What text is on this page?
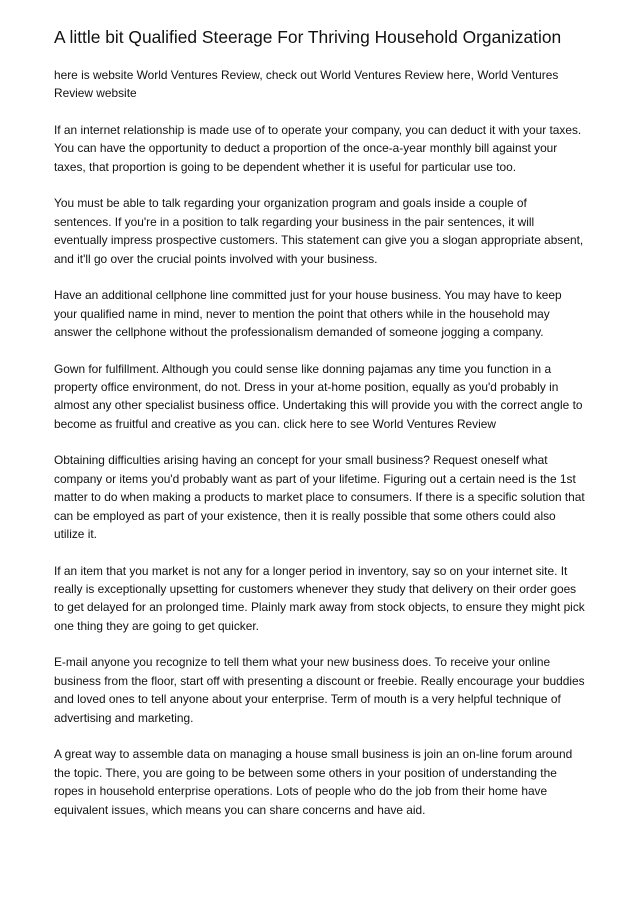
A little bit Qualified Steerage For Thriving Household Organization

here is website World Ventures Review, check out World Ventures Review here, World Ventures Review website

If an internet relationship is made use of to operate your company, you can deduct it with your taxes. You can have the opportunity to deduct a proportion of the once-a-year monthly bill against your taxes, that proportion is going to be dependent whether it is useful for particular use too.

You must be able to talk regarding your organization program and goals inside a couple of sentences. If you're in a position to talk regarding your business in the pair sentences, it will eventually impress prospective customers. This statement can give you a slogan appropriate absent, and it'll go over the crucial points involved with your business.

Have an additional cellphone line committed just for your house business. You may have to keep your qualified name in mind, never to mention the point that others while in the household may answer the cellphone without the professionalism demanded of someone jogging a company.

Gown for fulfillment. Although you could sense like donning pajamas any time you function in a property office environment, do not. Dress in your at-home position, equally as you'd probably in almost any other specialist business office. Undertaking this will provide you with the correct angle to become as fruitful and creative as you can. click here to see World Ventures Review

Obtaining difficulties arising having an concept for your small business? Request oneself what company or items you'd probably want as part of your lifetime. Figuring out a certain need is the 1st matter to do when making a products to market place to consumers. If there is a specific solution that can be employed as part of your existence, then it is really possible that some others could also utilize it.

If an item that you market is not any for a longer period in inventory, say so on your internet site. It really is exceptionally upsetting for customers whenever they study that delivery on their order goes to get delayed for an prolonged time. Plainly mark away from stock objects, to ensure they might pick one thing they are going to get quicker.

E-mail anyone you recognize to tell them what your new business does. To receive your online business from the floor, start off with presenting a discount or freebie. Really encourage your buddies and loved ones to tell anyone about your enterprise. Term of mouth is a very helpful technique of advertising and marketing.

A great way to assemble data on managing a house small business is join an on-line forum around the topic. There, you are going to be between some others in your position of understanding the ropes in household enterprise operations. Lots of people who do the job from their home have equivalent issues, which means you can share concerns and have aid.
